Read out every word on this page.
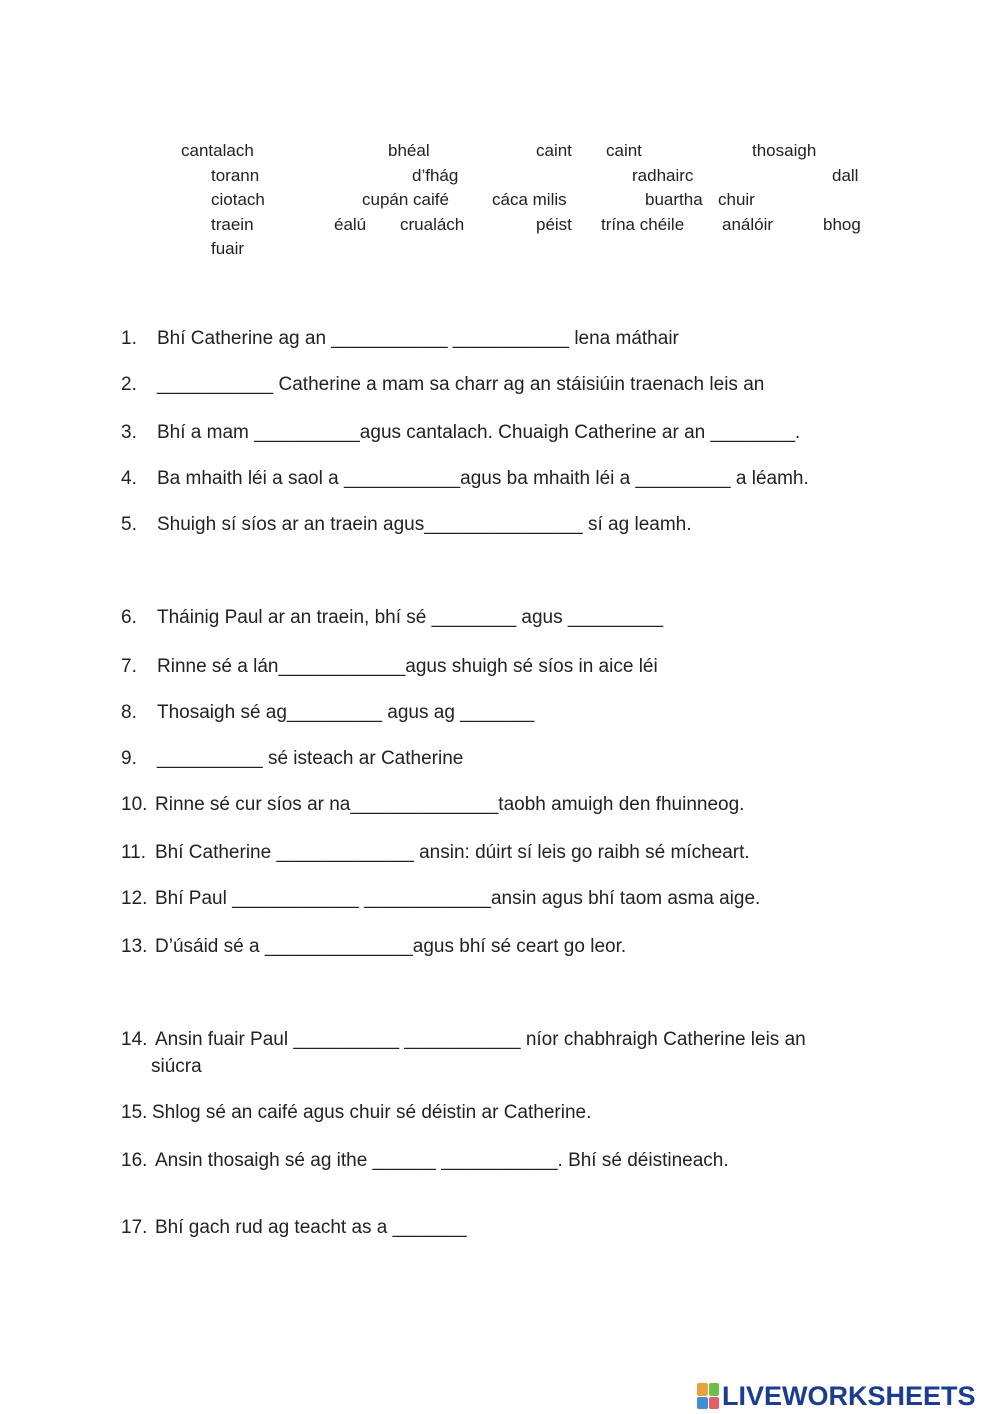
cantalach	bhéal	caint caint	thosaigh
torann	d’fhág	radhairc	dall
ciotach	cupán caifé	cáca milis	buartha chuir
traein	éalú crualách	péist trína chéile análóir	bhog
fuair
1. Bhí Catherine ag an ___________ ___________ lena máthair
2. ___________ Catherine a mam sa charr ag an stáisiúin traenach leis an
3. Bhí a mam __________agus cantalach. Chuaigh Catherine ar an ________.
4. Ba mhaith léi a saol a ___________agus ba mhaith léi a _________ a léamh.
5. Shuigh sí síos ar an traein agus_______________ sí ag leamh.
6. Tháinig Paul ar an traein, bhí sé ________ agus _________
7. Rinne sé a lán____________agus shuigh sé síos in aice léi
8. Thosaigh sé ag_________ agus ag _______
9. __________ sé isteach ar Catherine
10. Rinne sé cur síos ar na______________taobh amuigh den fhuinneog.
11. Bhí Catherine _____________ ansin: dúirt sí leis go raibh sé mícheart.
12. Bhí Paul ____________ ____________ansin agus bhí taom asma aige.
13. D’úsáid sé a ______________agus bhí sé ceart go leor.
14. Ansin fuair Paul __________ ___________ níor chabhraigh Catherine leis an
siúcra
15. Shlog sé an caifé agus chuir sé déistin ar Catherine.
16. Ansin thosaigh sé ag ithe ______ ___________. Bhí sé déistineach.
17. Bhí gach rud ag teacht as a _______
LIVEWORKSHEETS
